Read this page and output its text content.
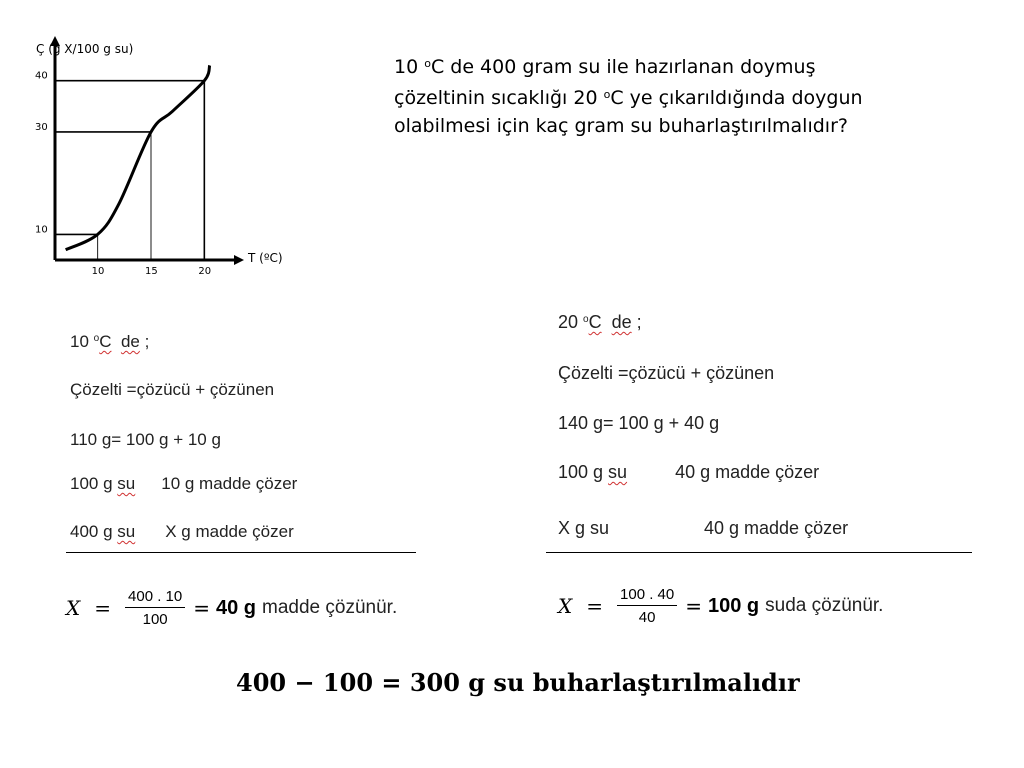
Ç (g X/100 g su)
T (ºC)
40
30
10
10	15	20
10 $^o$C de 400 gram su ile hazırlanan doymuş
çözeltinin sıcaklığı 20 $^o$C ye çıkarıldığında doygun
olabilmesi için kaç gram su buharlaştırılmalıdır?
10 $^o$C de ;
Çözelti =çözücü + çözünen
110 g= 100 g + 10 g
100 g su 10 g madde çözer
400 g su X g madde çözer
$X = \frac{400 . 10}{100} = 40$ g madde çözünür.
20 $^o$C de ;
Çözelti =çözücü + çözünen
140 g= 100 g + 40 g
100 g su	40 g madde çözer
X g su	40 g madde çözer
$X = \frac{100 . 40}{40} = 100$ g suda çözünür.
400 − 100 = 300 g su buharlaştırılmalıdır
